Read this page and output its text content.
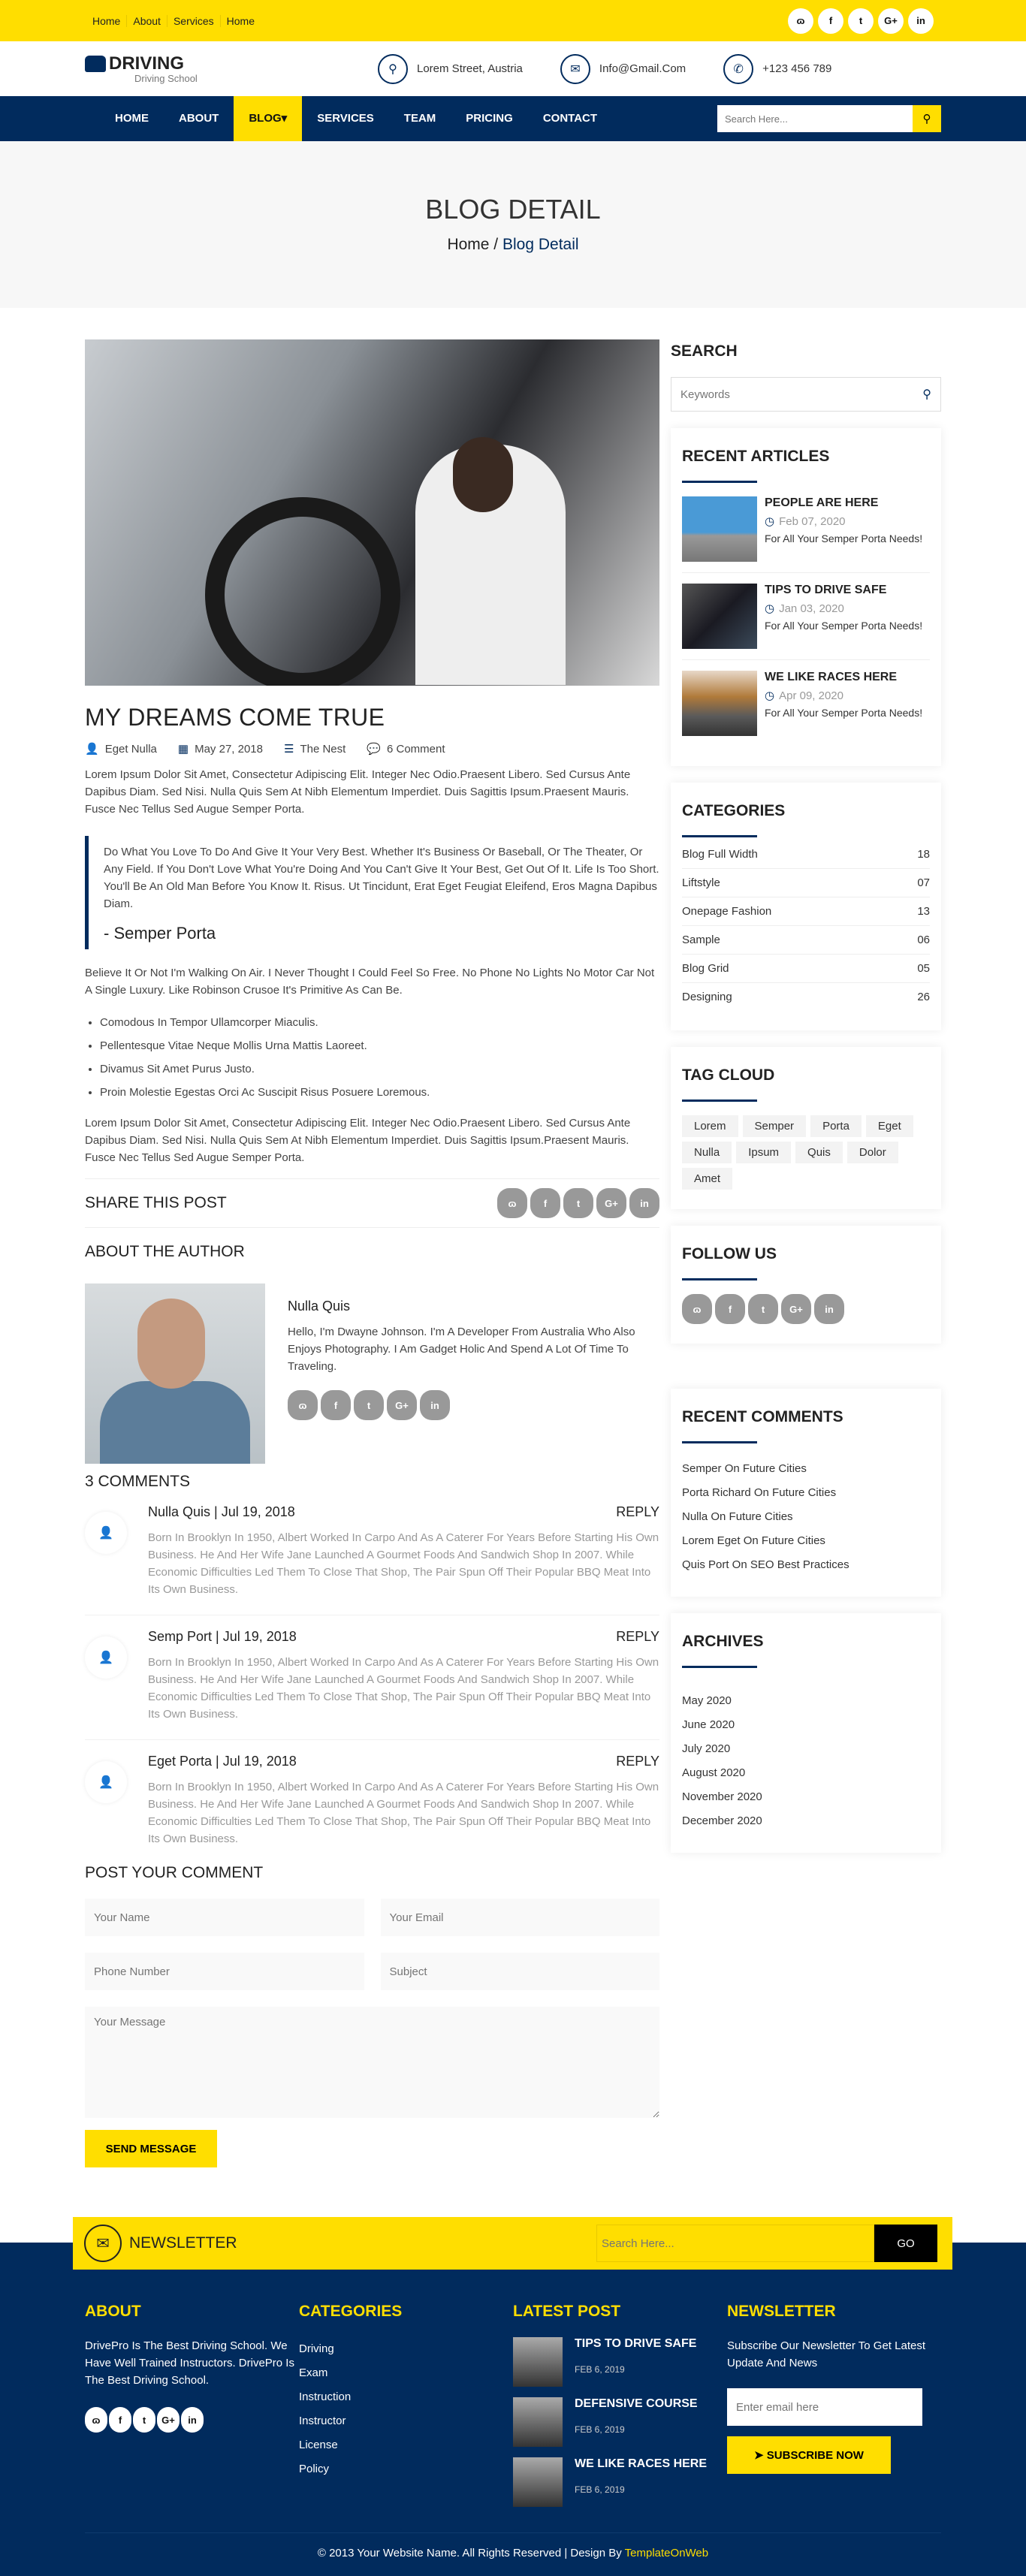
Home	About	Services	Home	ɷ	f	t	G+	in
DRIVING
Driving School
⚲	Lorem Street, Austria	✉	Info@Gmail.Com	✆	+123 456 789
HOME	ABOUT	BLOG▾	SERVICES	TEAM	PRICING	CONTACT
Search Here...	⚲
BLOG DETAIL
Home / Blog Detail
MY DREAMS COME TRUE
👤 Eget Nulla ▦ May 27, 2018 ☰ The Nest 💬 6 Comment

Lorem Ipsum Dolor Sit Amet, Consectetur Adipiscing Elit. Integer Nec Odio.Praesent Libero. Sed Cursus Ante Dapibus Diam. Sed Nisi. Nulla Quis Sem At Nibh Elementum Imperdiet. Duis Sagittis Ipsum.Praesent Mauris. Fusce Nec Tellus Sed Augue Semper Porta.

Do What You Love To Do And Give It Your Very Best. Whether It's Business Or Baseball, Or The Theater, Or Any Field. If You Don't Love What You're Doing And You Can't Give It Your Best, Get Out Of It. Life Is Too Short. You'll Be An Old Man Before You Know It. Risus. Ut Tincidunt, Erat Eget Feugiat Eleifend, Eros Magna Dapibus Diam.
- Semper Porta

Believe It Or Not I'm Walking On Air. I Never Thought I Could Feel So Free. No Phone No Lights No Motor Car Not A Single Luxury. Like Robinson Crusoe It's Primitive As Can Be.

• Comodous In Tempor Ullamcorper Miaculis.
• Pellentesque Vitae Neque Mollis Urna Mattis Laoreet.
• Divamus Sit Amet Purus Justo.
• Proin Molestie Egestas Orci Ac Suscipit Risus Posuere Loremous.

Lorem Ipsum Dolor Sit Amet, Consectetur Adipiscing Elit. Integer Nec Odio.Praesent Libero. Sed Cursus Ante Dapibus Diam. Sed Nisi. Nulla Quis Sem At Nibh Elementum Imperdiet. Duis Sagittis Ipsum.Praesent Mauris. Fusce Nec Tellus Sed Augue Semper Porta.

SHARE THIS POST	ɷ	f	t	G+	in
ABOUT THE AUTHOR
Nulla Quis

Hello, I'm Dwayne Johnson. I'm A Developer From Australia Who Also Enjoys Photography. I Am Gadget Holic And Spend A Lot Of Time To Traveling.

ɷ	f	t	G+	in
3 COMMENTS
👤
Nulla Quis | Jul 19, 2018	REPLY

Born In Brooklyn In 1950, Albert Worked In Carpo And As A Caterer For Years Before Starting His Own Business. He And Her Wife Jane Launched A Gourmet Foods And Sandwich Shop In 2007. While Economic Difficulties Led Them To Close That Shop, The Pair Spun Off Their Popular BBQ Meat Into Its Own Business.

👤
Semp Port | Jul 19, 2018	REPLY

Born In Brooklyn In 1950, Albert Worked In Carpo And As A Caterer For Years Before Starting His Own Business. He And Her Wife Jane Launched A Gourmet Foods And Sandwich Shop In 2007. While Economic Difficulties Led Them To Close That Shop, The Pair Spun Off Their Popular BBQ Meat Into Its Own Business.

👤
Eget Porta | Jul 19, 2018	REPLY

Born In Brooklyn In 1950, Albert Worked In Carpo And As A Caterer For Years Before Starting His Own Business. He And Her Wife Jane Launched A Gourmet Foods And Sandwich Shop In 2007. While Economic Difficulties Led Them To Close That Shop, The Pair Spun Off Their Popular BBQ Meat Into Its Own Business.

POST YOUR COMMENT
Your Name
Your Email
Phone Number
Subject
Your Message
SEND MESSAGE
SEARCH
Keywords
⚲
RECENT ARTICLES
PEOPLE ARE HERE
◷ Feb 07, 2020
For All Your Semper Porta Needs!
TIPS TO DRIVE SAFE
◷ Jan 03, 2020
For All Your Semper Porta Needs!
WE LIKE RACES HERE
◷ Apr 09, 2020
For All Your Semper Porta Needs!
CATEGORIES
Blog Full Width	18
Liftstyle	07
Onepage Fashion	13
Sample	06
Blog Grid	05
Designing	26
TAG CLOUD
Lorem	Semper	Porta	Eget
Nulla	Ipsum	Quis	Dolor
Amet
FOLLOW US
ɷ	f	t	G+	in
RECENT COMMENTS
Semper On Future Cities
Porta Richard On Future Cities
Nulla On Future Cities
Lorem Eget On Future Cities
Quis Port On SEO Best Practices
ARCHIVES
May 2020
June 2020
July 2020
August 2020
November 2020
December 2020
✉	NEWSLETTER
Search Here...	GO
ABOUT

DrivePro Is The Best Driving School. We Have Well Trained Instructors. DrivePro Is The Best Driving School.

ɷ	f	t	G+	in
CATEGORIES
Driving
Exam
Instruction
Instructor
License
Policy
LATEST POST
TIPS TO DRIVE SAFE
FEB 6, 2019
DEFENSIVE COURSE
FEB 6, 2019
WE LIKE RACES HERE
FEB 6, 2019
NEWSLETTER

Subscribe Our Newsletter To Get Latest Update And News

Enter email here ➤ SUBSCRIBE NOW
© 2013 Your Website Name. All Rights Reserved | Design By TemplateOnWeb
